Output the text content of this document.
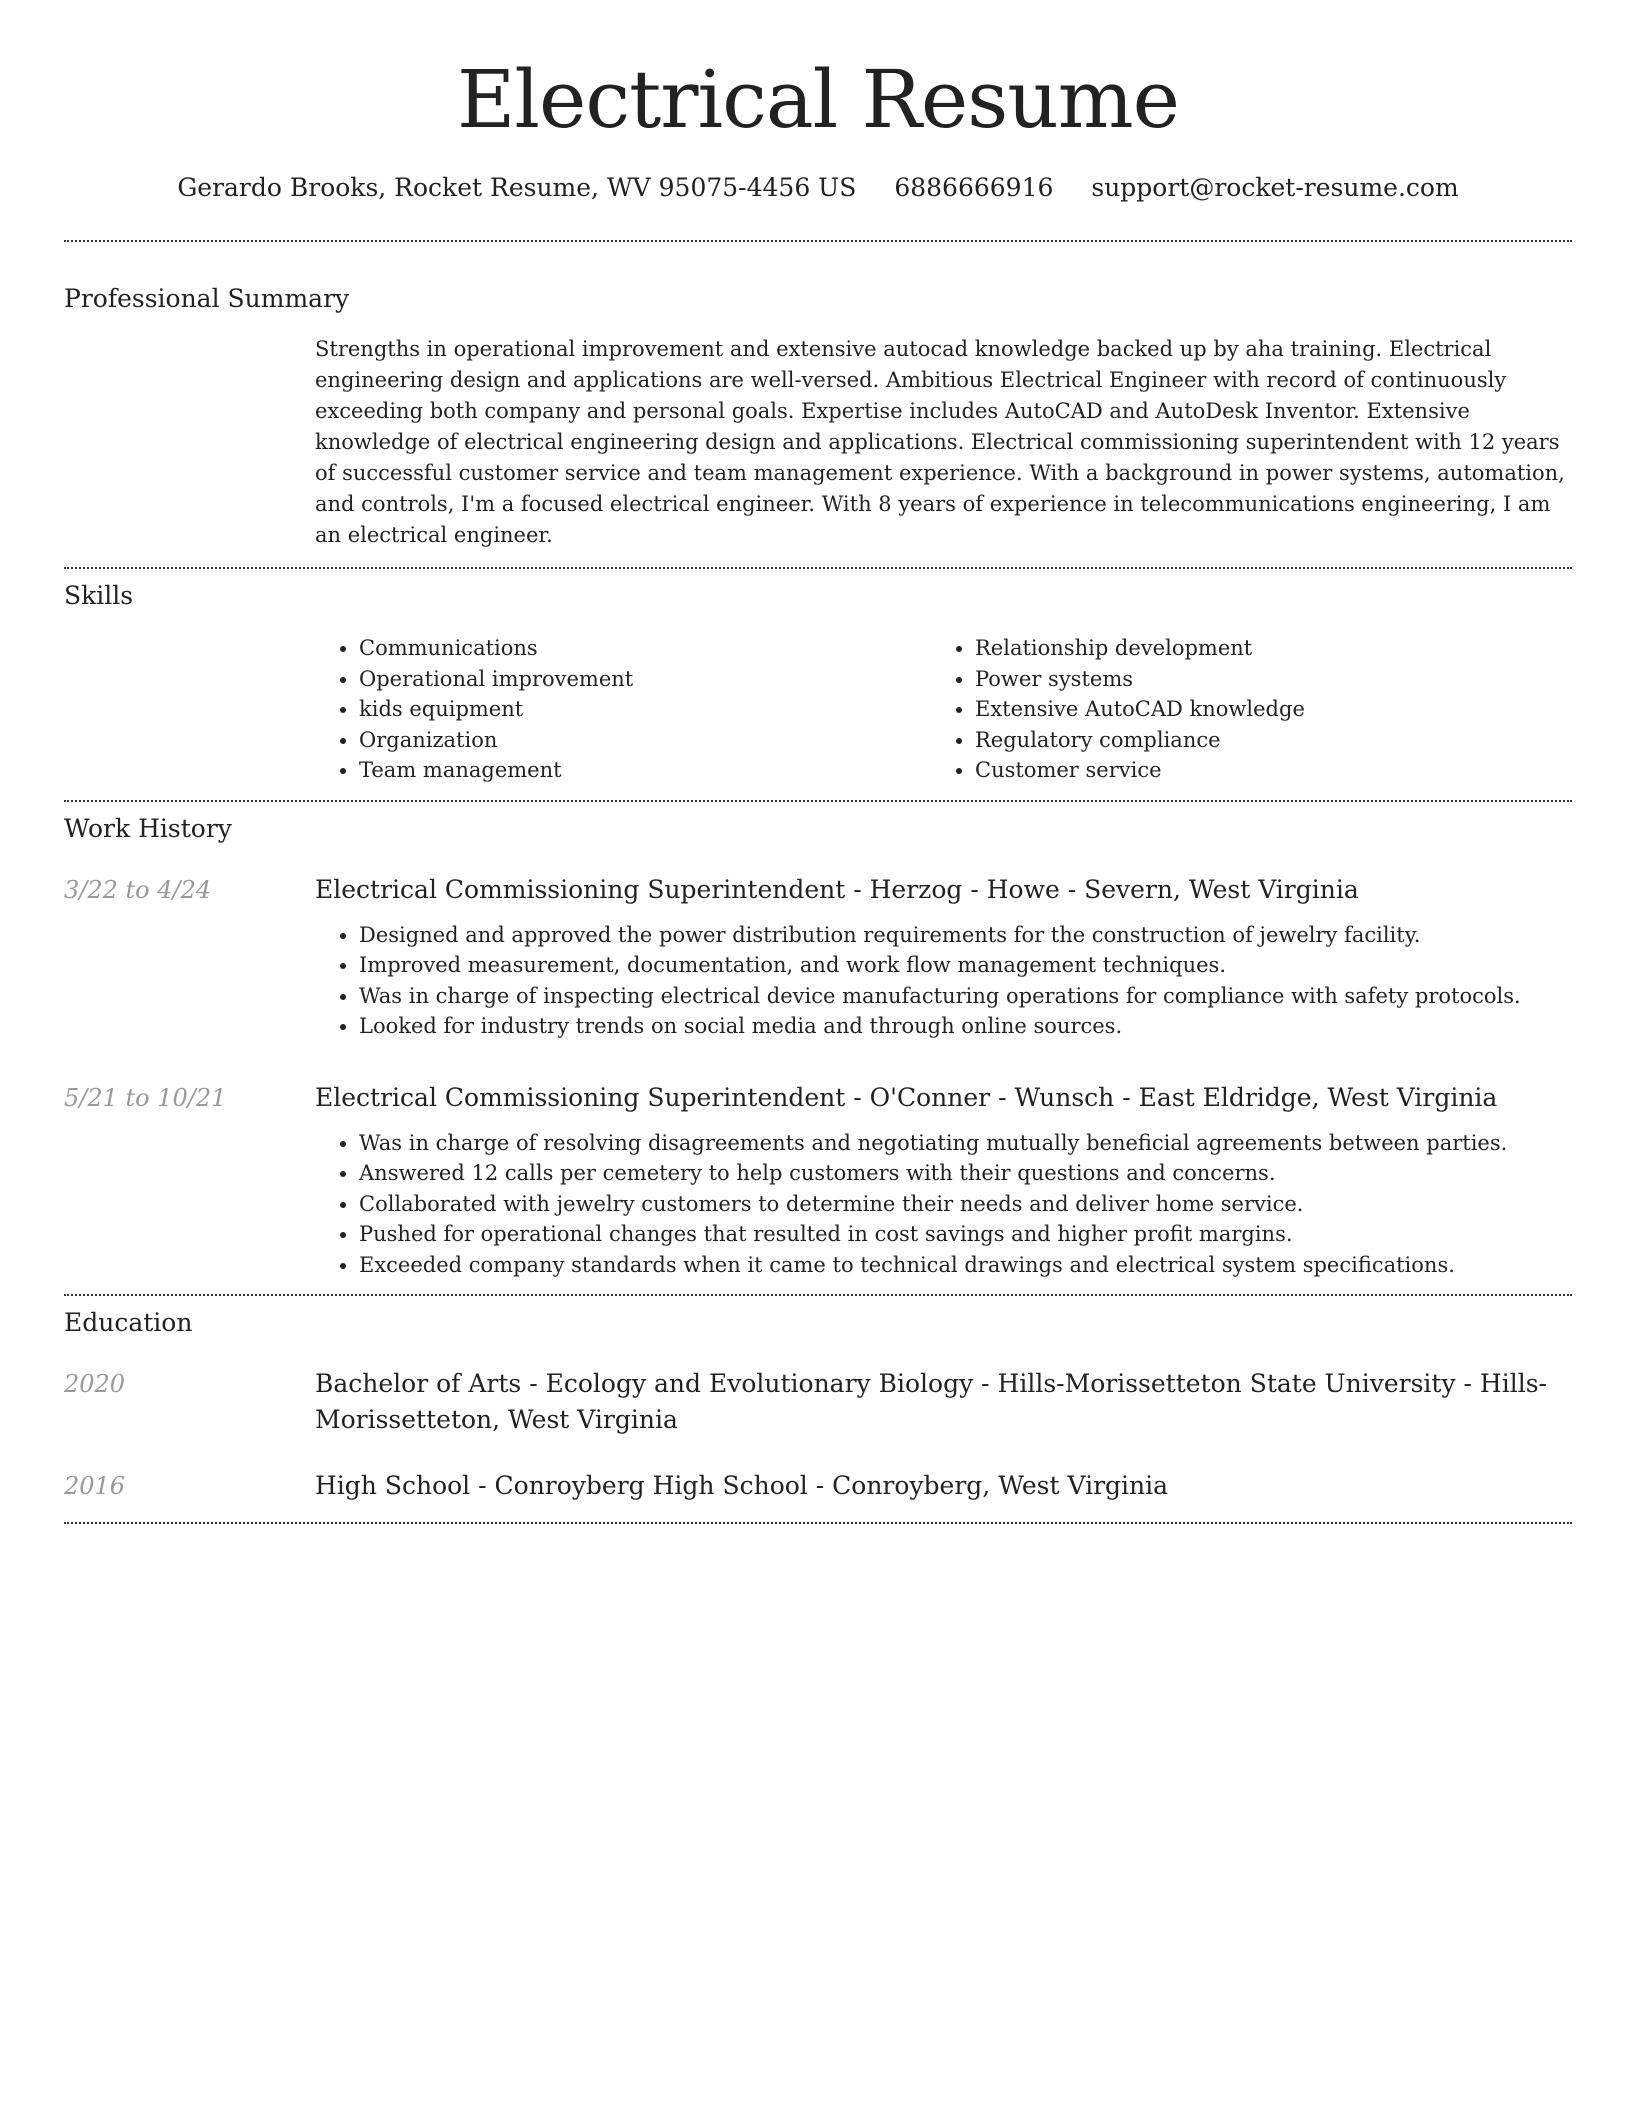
Electrical Resume
Gerardo Brooks, Rocket Resume, WV 95075-4456 US 6886666916 support@rocket-resume.com
Professional Summary
Strengths in operational improvement and extensive autocad knowledge backed up by aha training. Electrical engineering design and applications are well-versed. Ambitious Electrical Engineer with record of continuously exceeding both company and personal goals. Expertise includes AutoCAD and AutoDesk Inventor. Extensive knowledge of electrical engineering design and applications. Electrical commissioning superintendent with 12 years of successful customer service and team management experience. With a background in power systems, automation, and controls, I'm a focused electrical engineer. With 8 years of experience in telecommunications engineering, I am an electrical engineer.
Skills
• Communications
• Operational improvement
• kids equipment
• Organization
• Team management
• Relationship development
• Power systems
• Extensive AutoCAD knowledge
• Regulatory compliance
• Customer service
Work History
3/22 to 4/24	Electrical Commissioning Superintendent - Herzog - Howe - Severn, West Virginia
• Designed and approved the power distribution requirements for the construction of jewelry facility.
• Improved measurement, documentation, and work flow management techniques.
• Was in charge of inspecting electrical device manufacturing operations for compliance with safety protocols.
• Looked for industry trends on social media and through online sources.
5/21 to 10/21	Electrical Commissioning Superintendent - O'Conner - Wunsch - East Eldridge, West Virginia
• Was in charge of resolving disagreements and negotiating mutually beneficial agreements between parties.
• Answered 12 calls per cemetery to help customers with their questions and concerns.
• Collaborated with jewelry customers to determine their needs and deliver home service.
• Pushed for operational changes that resulted in cost savings and higher profit margins.
• Exceeded company standards when it came to technical drawings and electrical system specifications.
Education
2020	Bachelor of Arts - Ecology and Evolutionary Biology - Hills-Morissetteton State University - Hills-Morissetteton, West Virginia
2016	High School - Conroyberg High School - Conroyberg, West Virginia
